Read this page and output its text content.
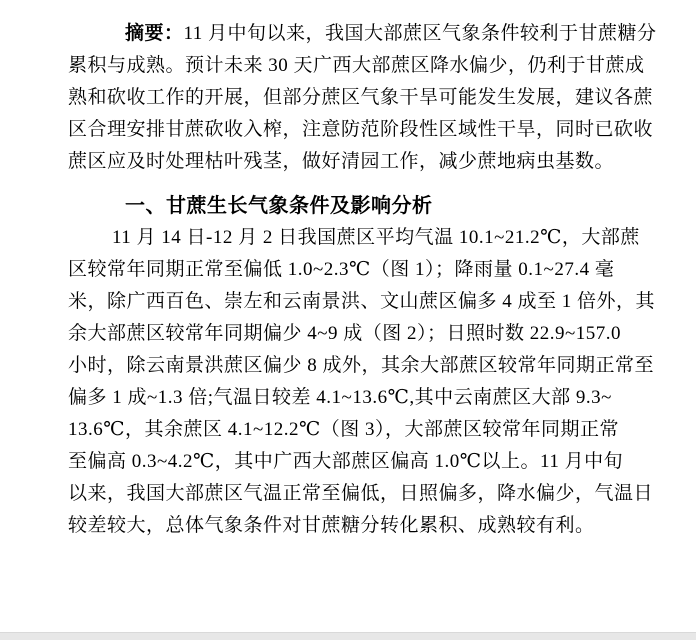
摘要：11 月中旬以来，我国大部蔗区气象条件较利于甘蔗糖分
累积与成熟。预计未来 30 天广西大部蔗区降水偏少，仍利于甘蔗成
熟和砍收工作的开展，但部分蔗区气象干旱可能发生发展，建议各蔗
区合理安排甘蔗砍收入榨，注意防范阶段性区域性干旱，同时已砍收
蔗区应及时处理枯叶残茎，做好清园工作，减少蔗地病虫基数。
一、甘蔗生长气象条件及影响分析
11 月 14 日-12 月 2 日我国蔗区平均气温 10.1~21.2℃，大部蔗
区较常年同期正常至偏低 1.0~2.3℃（图 1）；降雨量 0.1~27.4 毫
米，除广西百色、崇左和云南景洪、文山蔗区偏多 4 成至 1 倍外，其
余大部蔗区较常年同期偏少 4~9 成（图 2）；日照时数 22.9~157.0
小时，除云南景洪蔗区偏少 8 成外，其余大部蔗区较常年同期正常至
偏多 1 成~1.3 倍;气温日较差 4.1~13.6℃,其中云南蔗区大部 9.3~
13.6℃，其余蔗区 4.1~12.2℃（图 3），大部蔗区较常年同期正常
至偏高 0.3~4.2℃，其中广西大部蔗区偏高 1.0℃以上。11 月中旬
以来，我国大部蔗区气温正常至偏低，日照偏多，降水偏少，气温日
较差较大，总体气象条件对甘蔗糖分转化累积、成熟较有利。
